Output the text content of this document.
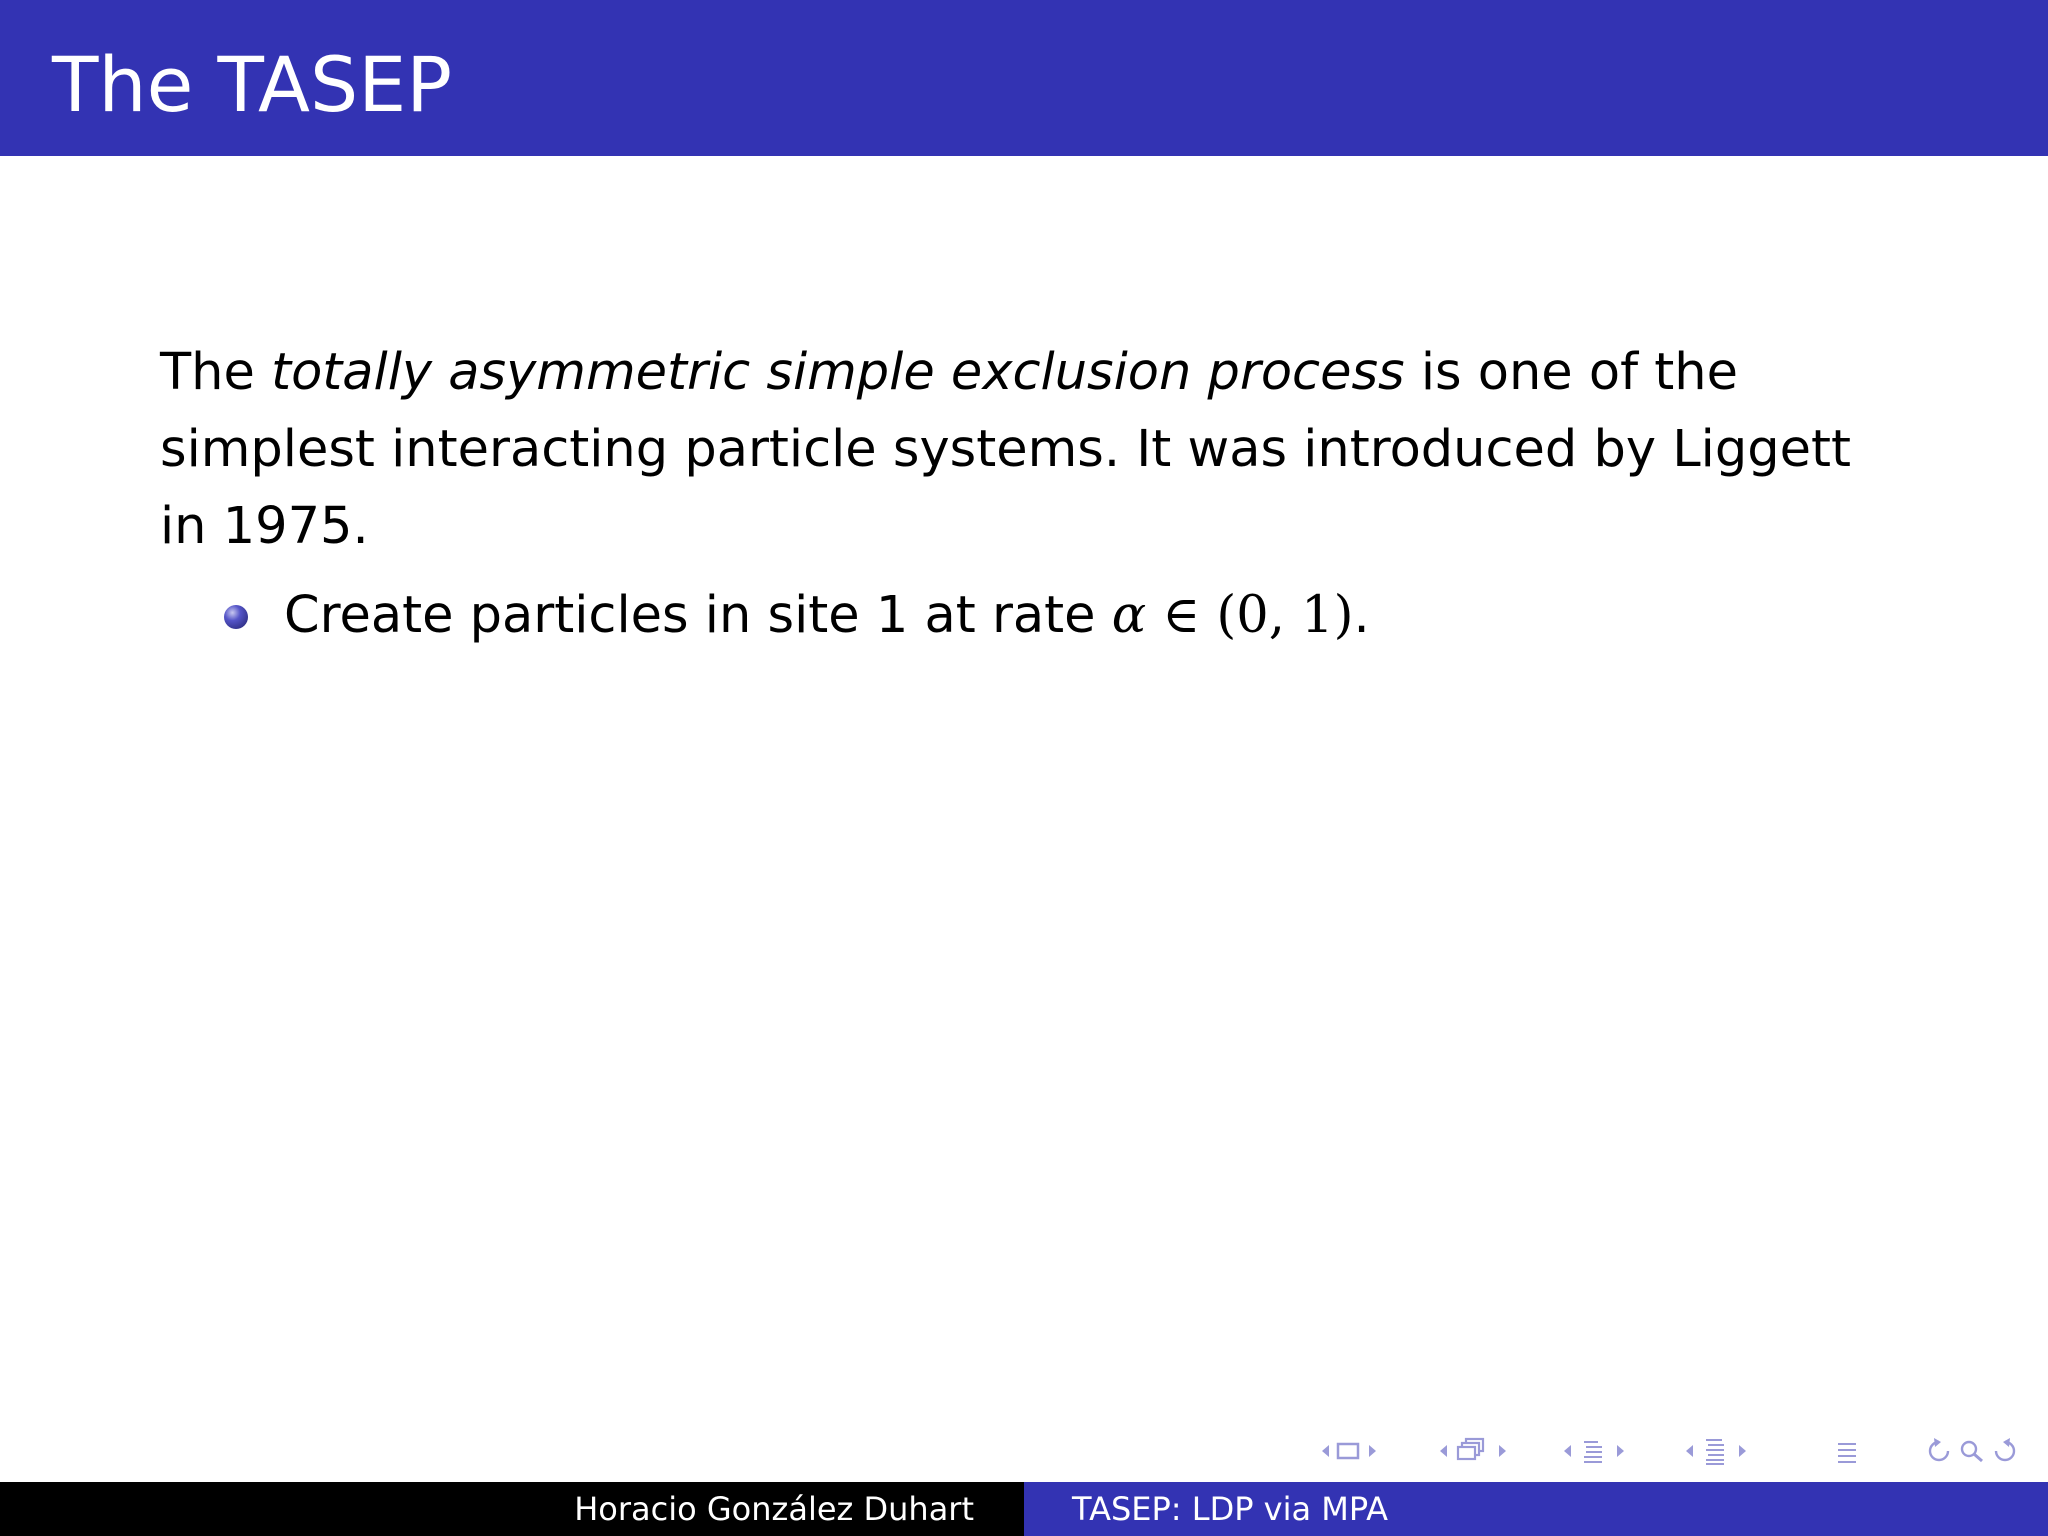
The TASEP

The totally asymmetric simple exclusion process is one of the simplest interacting particle systems. It was introduced by Liggett in 1975.

Create particles in site 1 at rate α ∈ (0, 1).
Horacio González Duhart	TASEP: LDP via MPA
